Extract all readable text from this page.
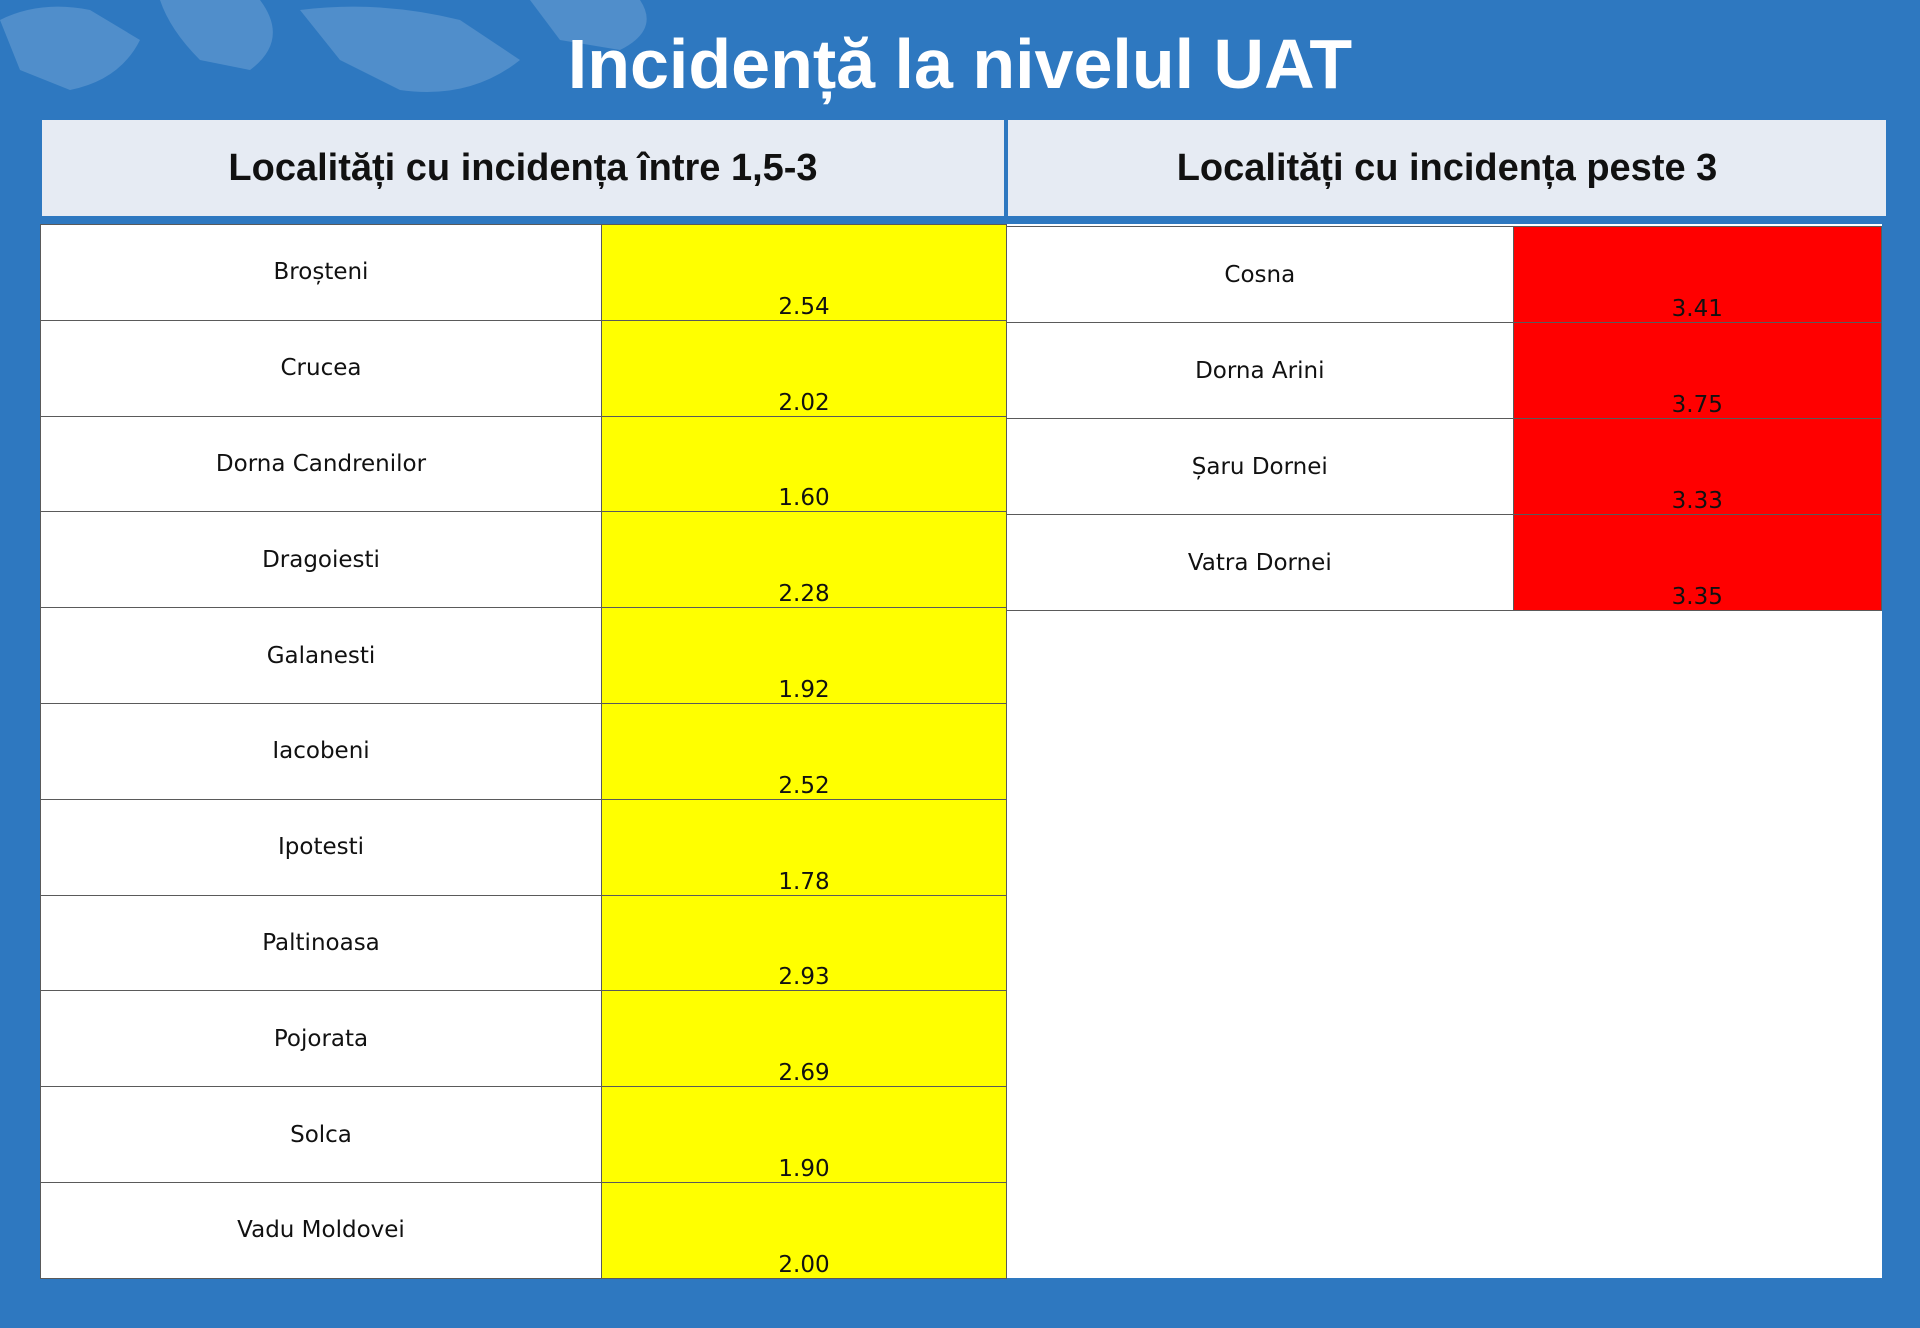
Incidență la nivelul UAT
Localități cu incidența între 1,5-3	Localități cu incidența peste 3
Broșteni	2.54
Crucea	2.02
Dorna Candrenilor	1.60
Dragoiesti	2.28
Galanesti	1.92
Iacobeni	2.52
Ipotesti	1.78
Paltinoasa	2.93
Pojorata	2.69
Solca	1.90
Vadu Moldovei	2.00
Cosna	3.41
Dorna Arini	3.75
Șaru Dornei	3.33
Vatra Dornei	3.35
